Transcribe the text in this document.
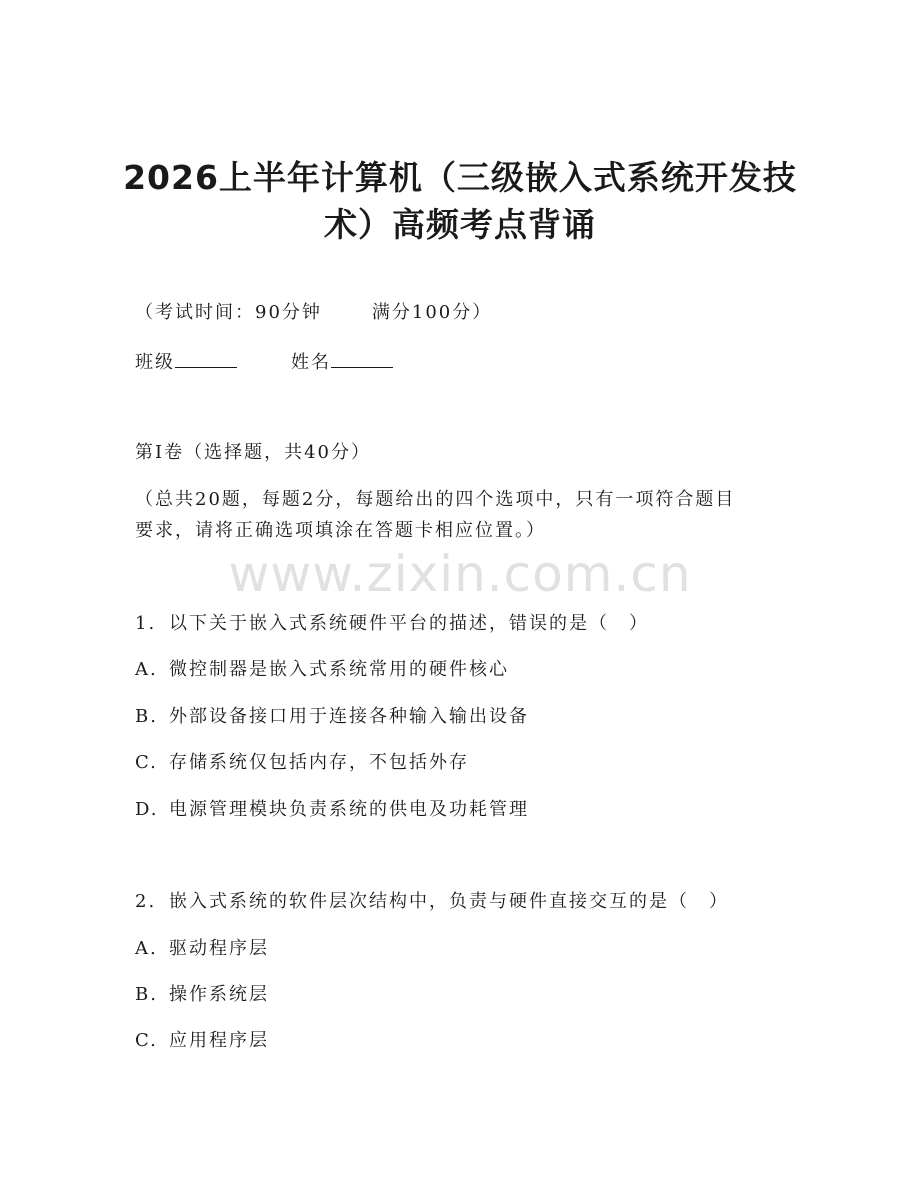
2026上半年计算机（三级嵌入式系统开发技
术）高频考点背诵
（考试时间：90分钟	满分100分）
班级	姓名
第Ⅰ卷（选择题，共40分）
（总共20题，每题2分，每题给出的四个选项中，只有一项符合题目
要求，请将正确选项填涂在答题卡相应位置。）
www.zixin.com.cn
1. 以下关于嵌入式系统硬件平台的描述，错误的是（　）
A. 微控制器是嵌入式系统常用的硬件核心
B. 外部设备接口用于连接各种输入输出设备
C. 存储系统仅包括内存，不包括外存
D. 电源管理模块负责系统的供电及功耗管理
2. 嵌入式系统的软件层次结构中，负责与硬件直接交互的是（　）
A. 驱动程序层
B. 操作系统层
C. 应用程序层
